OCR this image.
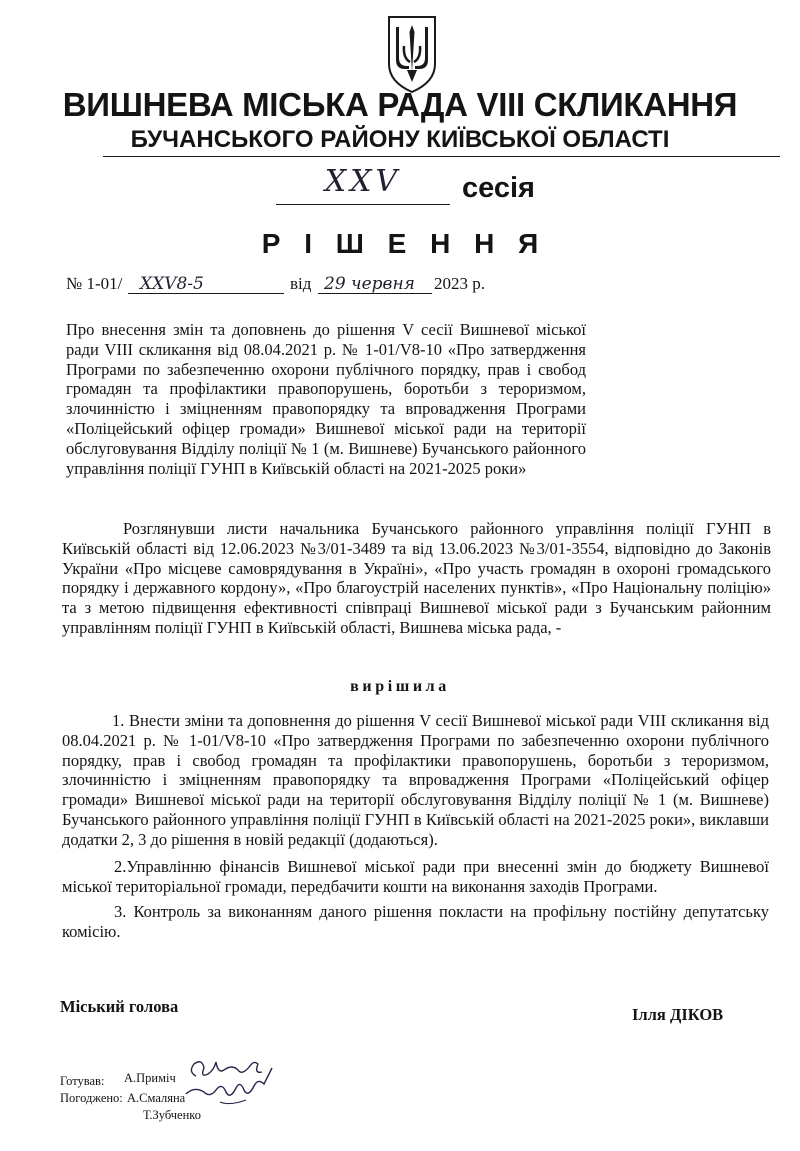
ВИШНЕВА МІСЬКА РАДА VIII СКЛИКАННЯ
БУЧАНСЬКОГО РАЙОНУ КИЇВСЬКОЇ ОБЛАСТІ
XXV	сесія
Р І Ш Е Н Н Я
№ 1-01/ XXV8-5	від 29 червня 2023 р.
Про внесення змін та доповнень до рішення V сесії Вишневої міської ради VIII скликання від 08.04.2021 р. № 1-01/V8-10 «Про затвердження Програми по забезпеченню охорони публічного порядку, прав і свобод громадян та профілактики правопорушень, боротьби з тероризмом, злочинністю і зміцненням правопорядку та впровадження Програми «Поліцейський офіцер громади» Вишневої міської ради на території обслуговування Відділу поліції № 1 (м. Вишневе) Бучанського районного управління поліції ГУНП в Київській області на 2021-2025 роки»
Розглянувши листи начальника Бучанського районного управління поліції ГУНП в Київській області від 12.06.2023 №3/01-3489 та від 13.06.2023 №3/01-3554, відповідно до Законів України «Про місцеве самоврядування в Україні», «Про участь громадян в охороні громадського порядку і державного кордону», «Про благоустрій населених пунктів», «Про Національну поліцію» та з метою підвищення ефективності співпраці Вишневої міської ради з Бучанським районним управлінням поліції ГУНП в Київській області, Вишнева міська рада, -
вирішила
1. Внести зміни та доповнення до рішення V сесії Вишневої міської ради VIII скликання від 08.04.2021 р. № 1-01/V8-10 «Про затвердження Програми по забезпеченню охорони публічного порядку, прав і свобод громадян та профілактики правопорушень, боротьби з тероризмом, злочинністю і зміцненням правопорядку та впровадження Програми «Поліцейський офіцер громади» Вишневої міської ради на території обслуговування Відділу поліції № 1 (м. Вишневе) Бучанського районного управління поліції ГУНП в Київській області на 2021-2025 роки», виклавши додатки 2, 3 до рішення в новій редакції (додаються).
2.Управлінню фінансів Вишневої міської ради при внесенні змін до бюджету Вишневої міської територіальної громади, передбачити кошти на виконання заходів Програми.
3. Контроль за виконанням даного рішення покласти на профільну постійну депутатську комісію.
Міський голова	Ілля ДІКОВ
Готував: А.Приміч
Погоджено: А.Смаляна
Т.Зубченко
